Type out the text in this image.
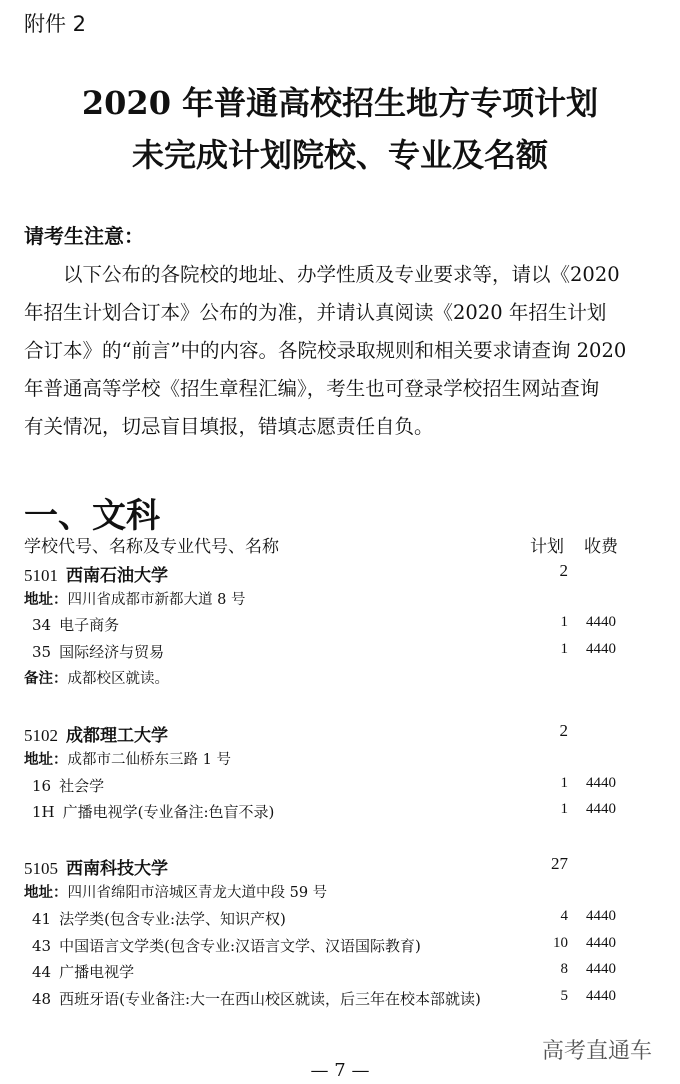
附件 2
2020 年普通高校招生地方专项计划
未完成计划院校、专业及名额
请考生注意：
以下公布的各院校的地址、办学性质及专业要求等，请以《2020
年招生计划合订本》公布的为准，并请认真阅读《2020 年招生计划
合订本》的“前言”中的内容。各院校录取规则和相关要求请查询 2020
年普通高等学校《招生章程汇编》，考生也可登录学校招生网站查询
有关情况，切忌盲目填报，错填志愿责任自负。
一、文科
学校代号、名称及专业代号、名称	计划 收费
5101 西南石油大学	2
地址：四川省成都市新都大道 8 号
34 电子商务	1	4440
35 国际经济与贸易	1	4440
备注：成都校区就读。
5102 成都理工大学	2
地址：成都市二仙桥东三路 1 号
16 社会学	1	4440
1H 广播电视学(专业备注:色盲不录)	1	4440
5105 西南科技大学	27
地址：四川省绵阳市涪城区青龙大道中段 59 号
41 法学类(包含专业:法学、知识产权)	4	4440
43 中国语言文学类(包含专业:汉语言文学、汉语国际教育)	10	4440
44 广播电视学	8	4440
48 西班牙语(专业备注:大一在西山校区就读，后三年在校本部就读)	5	4440
高考直通车
— 7 —
